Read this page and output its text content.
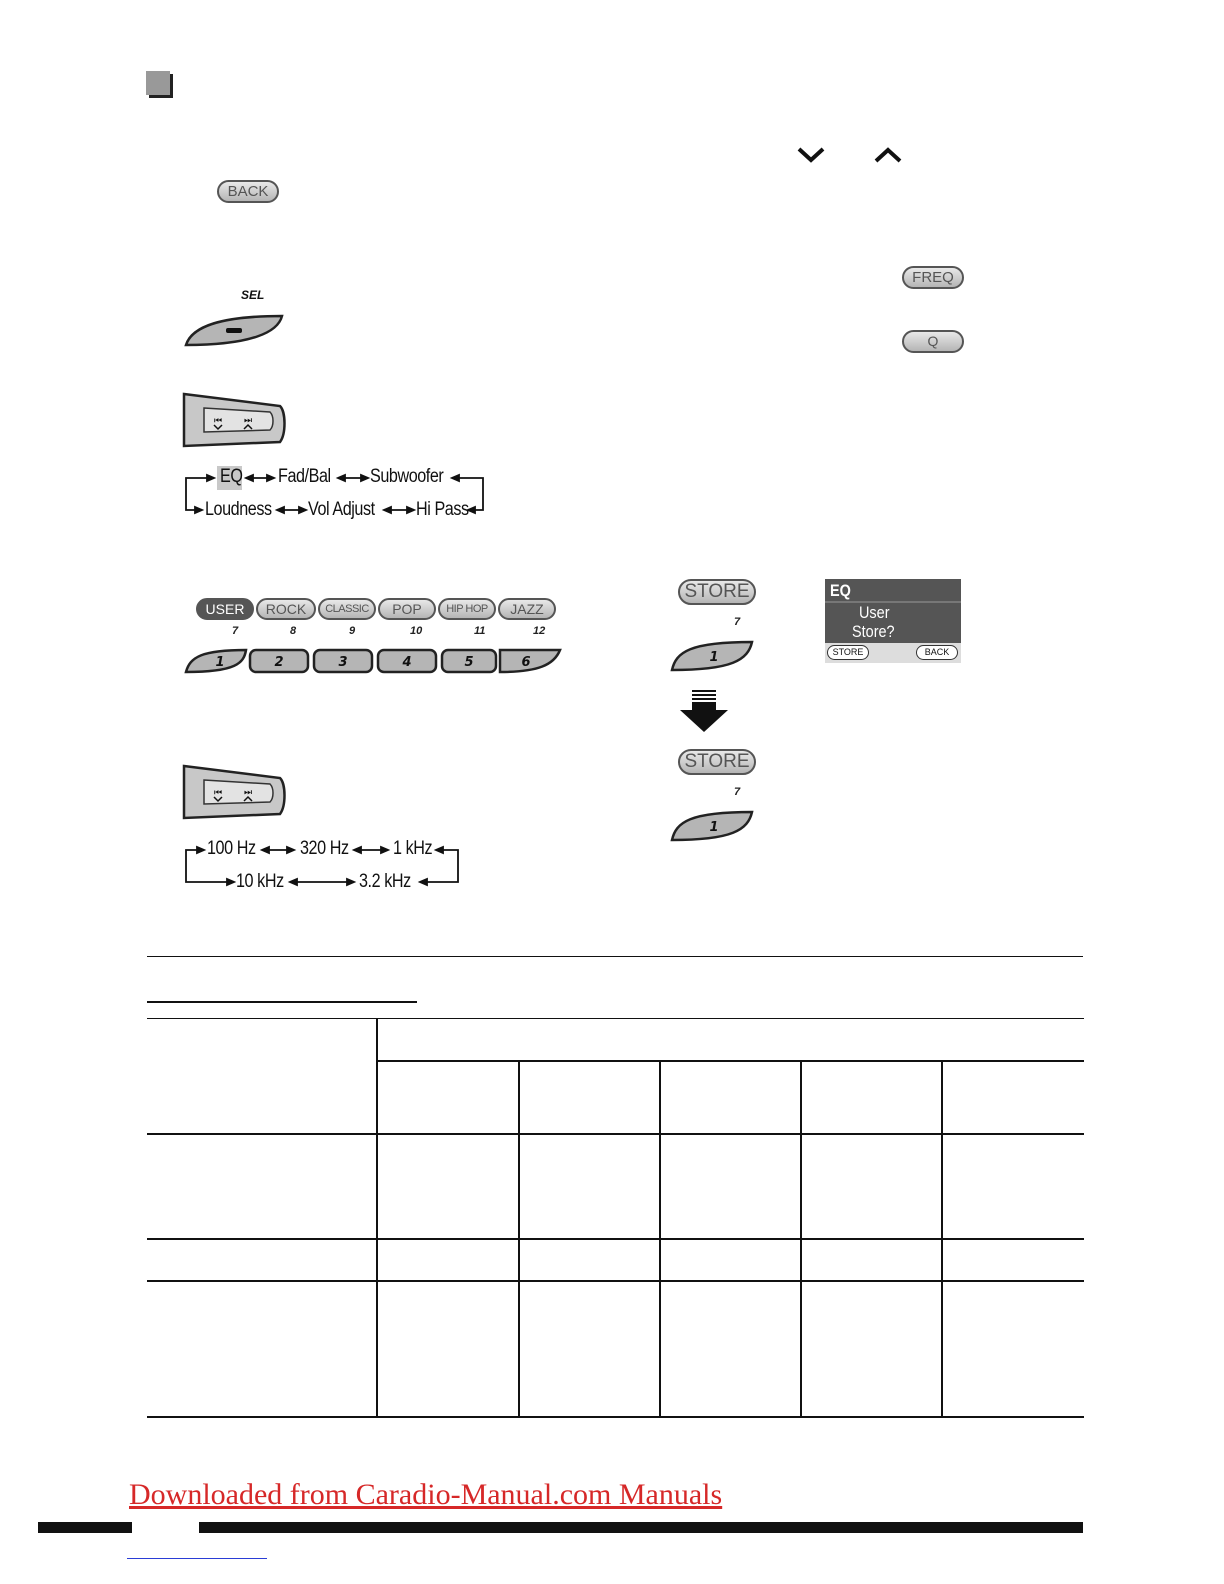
BACK
SEL
FREQ
Q
⏮ ⏭
EQ Fad/Bal Subwoofer
Loudness Vol Adjust Hi Pass
USER	ROCK	CLASSIC	POP	HIP HOP	JAZZ
7	8	9	10	11	12
1	2	3	4	5	6
⏮ ⏭
100 Hz 320 Hz 1 kHz
10 kHz	3.2 kHz
STORE
7
1
STORE
7
1
EQ
User
Store?
STORE	BACK
Downloaded from Caradio-Manual.com Manuals
